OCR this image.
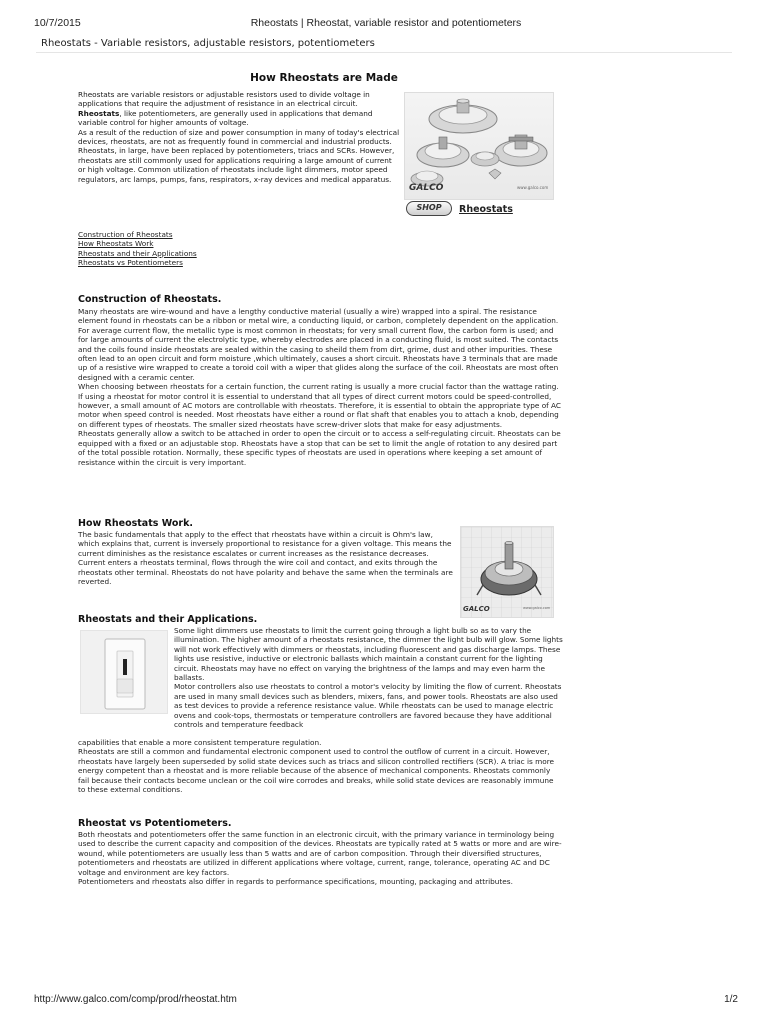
10/7/2015	Rheostats | Rheostat, variable resistor and potentiometers
Rheostats - Variable resistors, adjustable resistors, potentiometers
How Rheostats are Made
Rheostats are variable resistors or adjustable resistors used to divide voltage in applications that require the adjustment of resistance in an electrical circuit. Rheostats, like potentiometers, are generally used in applications that demand variable control for higher amounts of voltage.
As a result of the reduction of size and power consumption in many of today's electrical devices, rheostats, are not as frequently found in commercial and industrial products. Rheostats, in large, have been replaced by potentiometers, triacs and SCRs. However, rheostats are still commonly used for applications requiring a large amount of current or high voltage. Common utilization of rheostats include light dimmers, motor speed regulators, arc lamps, pumps, fans, respirators, x-ray devices and medical apparatus.
GALCO	www.galco.com
SHOP	Rheostats
Construction of Rheostats
How Rheostats Work
Rheostats and their Applications
Rheostats vs Potentiometers
Construction of Rheostats.
Many rheostats are wire-wound and have a lengthy conductive material (usually a wire) wrapped into a spiral. The resistance element found in rheostats can be a ribbon or metal wire, a conducting liquid, or carbon, completely dependent on the application. For average current flow, the metallic type is most common in rheostats; for very small current flow, the carbon form is used; and for large amounts of current the electrolytic type, whereby electrodes are placed in a conducting fluid, is most suited. The contacts and the coils found inside rheostats are sealed within the casing to sheild them from dirt, grime, dust and other impurities. These often lead to an open circuit and form moisture ,which ultimately, causes a short circuit. Rheostats have 3 terminals that are made up of a resistive wire wrapped to create a toroid coil with a wiper that glides along the surface of the coil. Rheostats are most often designed with a ceramic center.
When choosing between rheostats for a certain function, the current rating is usually a more crucial factor than the wattage rating. If using a rheostat for motor control it is essential to understand that all types of direct current motors could be speed-controlled, however, a small amount of AC motors are controllable with rheostats. Therefore, it is essential to obtain the appropriate type of AC motor when speed control is needed. Most rheostats have either a round or flat shaft that enables you to attach a knob, depending on different types of rheostats. The smaller sized rheostats have screw-driver slots that make for easy adjustments.
Rheostats generally allow a switch to be attached in order to open the circuit or to access a self-regulating circuit. Rheostats can be equipped with a fixed or an adjustable stop. Rheostats have a stop that can be set to limit the angle of rotation to any desired part of the total possible rotation. Normally, these specific types of rheostats are used in operations where keeping a set amount of resistance within the circuit is very important.
How Rheostats Work.
The basic fundamentals that apply to the effect that rheostats have within a circuit is Ohm's law, which explains that, current is inversely proportional to resistance for a given voltage. This means the current diminishes as the resistance escalates or current increases as the resistance decreases. Current enters a rheostats terminal, flows through the wire coil and contact, and exits through the rheostats other terminal. Rheostats do not have polarity and behave the same when the terminals are reverted.
GALCO	www.galco.com
Rheostats and their Applications.
Some light dimmers use rheostats to limit the current going through a light bulb so as to vary the illumination. The higher amount of a rheostats resistance, the dimmer the light bulb will glow. Some lights will not work effectively with dimmers or rheostats, including fluorescent and gas discharge lamps. These lights use resistive, inductive or electronic ballasts which maintain a constant current for the lighting circuit. Rheostats may have no effect on varying the brightness of the lamps and may even harm the ballasts.
Motor controllers also use rheostats to control a motor's velocity by limiting the flow of current. Rheostats are used in many small devices such as blenders, mixers, fans, and power tools. Rheostats are also used as test devices to provide a reference resistance value. While rheostats can be used to manage electric ovens and cook-tops, thermostats or temperature controllers are favored because they have additional controls and temperature feedback
capabilities that enable a more consistent temperature regulation.
Rheostats are still a common and fundamental electronic component used to control the outflow of current in a circuit. However, rheostats have largely been superseded by solid state devices such as triacs and silicon controlled rectifiers (SCR). A triac is more energy competent than a rheostat and is more reliable because of the absence of mechanical components. Rheostats commonly fail because their contacts become unclean or the coil wire corrodes and breaks, while solid state devices are reasonably immune to these external conditions.
Rheostat vs Potentiometers.
Both rheostats and potentiometers offer the same function in an electronic circuit, with the primary variance in terminology being used to describe the current capacity and composition of the devices. Rheostats are typically rated at 5 watts or more and are wire-wound, while potentiometers are usually less than 5 watts and are of carbon composition. Through their diversified structures, potentiometers and rheostats are utilized in different applications where voltage, current, range, tolerance, operating AC and DC voltage and environment are key factors.
Potentiometers and rheostats also differ in regards to performance specifications, mounting, packaging and attributes.
http://www.galco.com/comp/prod/rheostat.htm	1/2
